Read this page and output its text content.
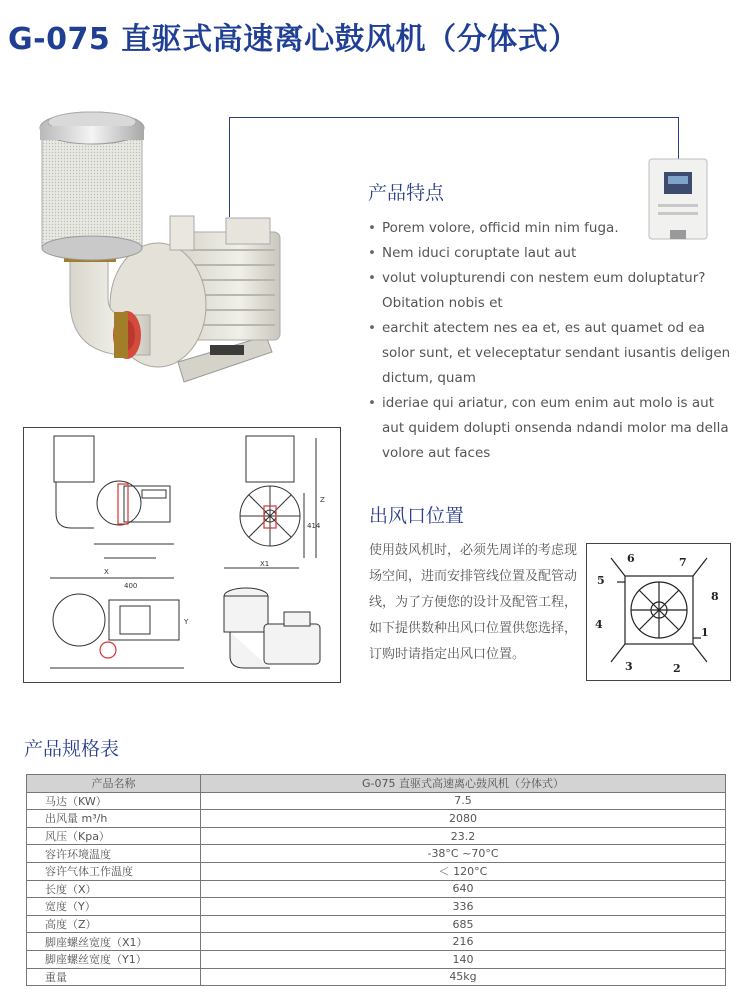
G-075 直驱式高速离心鼓风机（分体式）
产品特点
• Porem volore, officid min nim fuga.
• Nem iduci coruptate laut aut
• volut volupturendi con nestem eum doluptatur? Obitation nobis et
• earchit atectem nes ea et, es aut quamet od ea solor sunt, et veleceptatur sendant iusantis deligen dictum, quam
• ideriae qui ariatur, con eum enim aut molo is aut aut quidem dolupti onsenda ndandi molor ma della volore aut faces
X
400
X1
Y
Z
414	出风口位置
使用鼓风机时，必须先周详的考虑现场空间，进而安排管线位置及配管动线，为了方便您的设计及配管工程，如下提供数种出风口位置供您选择，订购时请指定出风口位置。
1
2
3
4
5
6	7
8
产品规格表
产品名称	G-075 直驱式高速离心鼓风机（分体式）
马达（KW）	7.5
出风量 m³/h	2080
风压（Kpa）	23.2
容许环境温度	-38°C ~70°C
容许气体工作温度	＜ 120°C
长度（X）	640
宽度（Y）	336
高度（Z）	685
脚座螺丝宽度（X1）	216
脚座螺丝宽度（Y1）	140
重量	45kg
